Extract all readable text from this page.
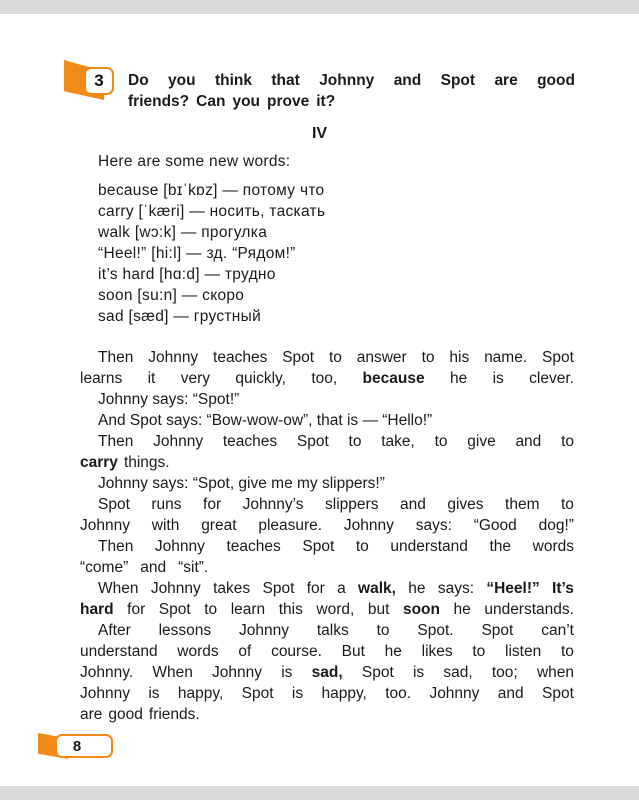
3	Do you think that Johnny and Spot are good
friends? Can you prove it?
IV
Here are some new words:
because [bɪˈkɒz] — потому что
carry [ˈkæri] — носить, таскать
walk [wɔ:k] — прогулка
“Heel!” [hi:l] — зд. “Рядом!”
it’s hard [hɑ:d] — трудно
soon [su:n] — скоро
sad [sæd] — грустный
Then Johnny teaches Spot to answer to his name. Spot
learns it very quickly, too, because he is clever.
Johnny says: “Spot!”
And Spot says: “Bow-wow-ow”, that is — “Hello!”
Then Johnny teaches Spot to take, to give and to
carry things.
Johnny says: “Spot, give me my slippers!”
Spot runs for Johnny’s slippers and gives them to
Johnny with great pleasure. Johnny says: “Good dog!”
Then Johnny teaches Spot to understand the words
“come” and “sit”.
When Johnny takes Spot for a walk, he says: “Heel!” It’s
hard for Spot to learn this word, but soon he understands.
After lessons Johnny talks to Spot. Spot can’t
understand words of course. But he likes to listen to
Johnny. When Johnny is sad, Spot is sad, too; when
Johnny is happy, Spot is happy, too. Johnny and Spot
are good friends.
8
